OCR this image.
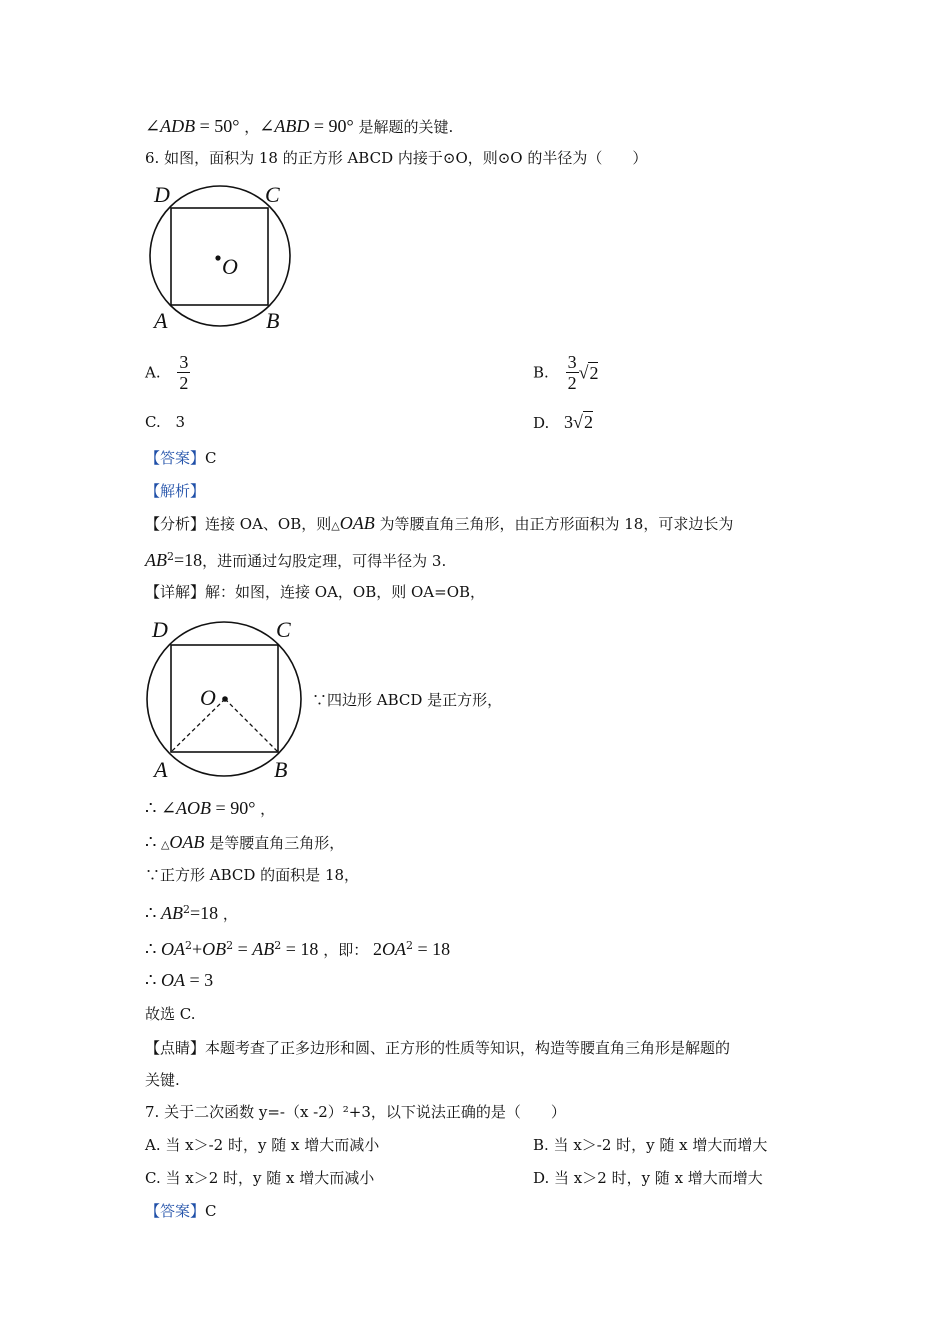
∠ADB = 50° ，∠ABD = 90° 是解题的关键.
6. 如图，面积为 18 的正方形 ABCD 内接于⊙O，则⊙O 的半径为（　　）
O
D	C
A	B
A. $\frac{3}{2}$	B. $\frac{3}{2} √2$
C. 3	D. 3√2
【答案】C
【解析】
【分析】连接 OA、OB，则△OAB 为等腰直角三角形，由正方形面积为 18，可求边长为
$AB^2=18$，进而通过勾股定理，可得半径为 3.
【详解】解：如图，连接 OA，OB，则 OA=OB，
O
D	C
A	B
∵四边形 ABCD 是正方形，
∴ ∠AOB = 90° ，
∴ △OAB 是等腰直角三角形，
∵正方形 ABCD 的面积是 18，
∴ $AB^2=18$ ，
∴ $OA^2+OB^2 = AB^2 = 18$ ，即： $2OA^2 = 18$
∴ OA = 3
故选 C.
【点睛】本题考查了正多边形和圆、正方形的性质等知识，构造等腰直角三角形是解题的
关键.
7. 关于二次函数 y=-（x -2）²+3，以下说法正确的是（　　）
A. 当 x＞-2 时，y 随 x 增大而减小	B. 当 x＞-2 时，y 随 x 增大而增大
C. 当 x＞2 时，y 随 x 增大而减小	D. 当 x＞2 时，y 随 x 增大而增大
【答案】C
